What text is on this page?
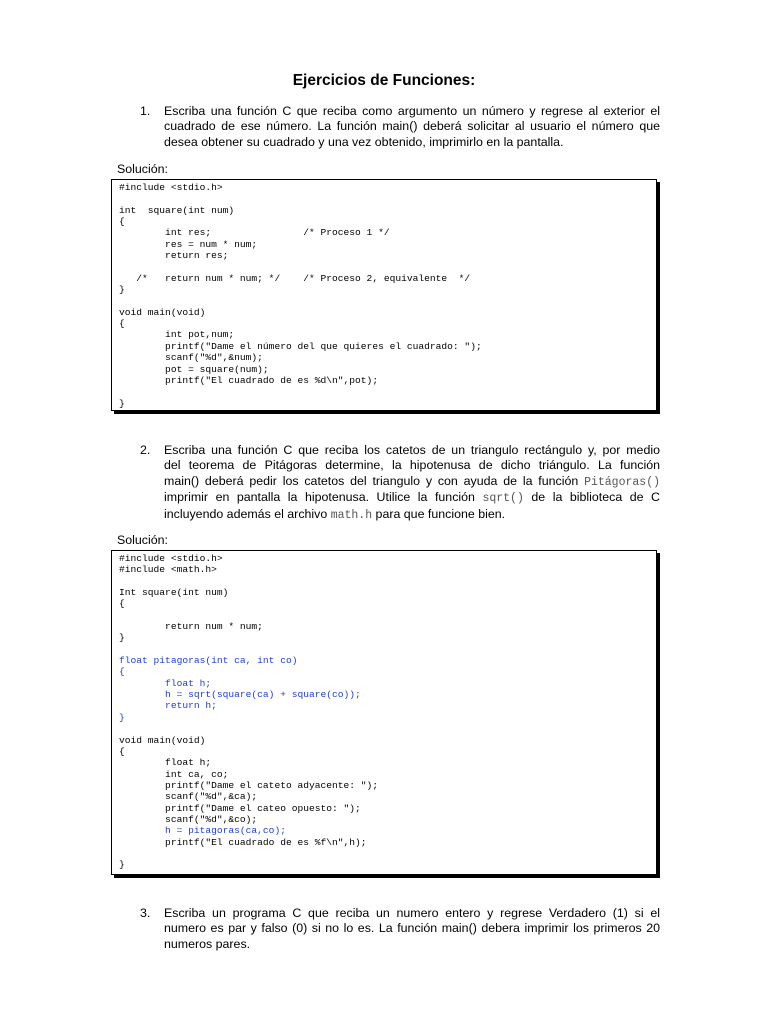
Ejercicios de Funciones:
1. Escriba una función C que reciba como argumento un número y regrese al exterior el
cuadrado de ese número. La función main() deberá solicitar al usuario el número que
desea obtener su cuadrado y una vez obtenido, imprimirlo en la pantalla.
Solución:
#include <stdio.h>
int  square(int num)
{
int res;                /* Proceso 1 */
res = num * num;
return res;
/*   return num * num; */    /* Proceso 2, equivalente  */
}
void main(void)
{
int pot,num;
printf("Dame el número del que quieres el cuadrado: ");
scanf("%d",&num);
pot = square(num);
printf("El cuadrado de es %d\n",pot);
}
2. Escriba una función C que reciba los catetos de un triangulo rectángulo y, por medio
del teorema de Pitágoras determine, la hipotenusa de dicho triángulo. La función
main() deberá pedir los catetos del triangulo y con ayuda de la función Pitágoras()
imprimir en pantalla la hipotenusa. Utilice la función sqrt() de la biblioteca de C
incluyendo además el archivo math.h para que funcione bien.
Solución:
#include <stdio.h>
#include <math.h>
Int square(int num)
{
return num * num;
}
float pitagoras(int ca, int co)
{
float h;
h = sqrt(square(ca) + square(co));
return h;
}
void main(void)
{
float h;
int ca, co;
printf("Dame el cateto adyacente: ");
scanf("%d",&ca);
printf("Dame el cateo opuesto: ");
scanf("%d",&co);
h = pitagoras(ca,co);
printf("El cuadrado de es %f\n",h);
}
3. Escriba un programa C que reciba un numero entero y regrese Verdadero (1) si el
numero es par y falso (0) si no lo es. La función main() debera imprimir los primeros 20
numeros pares.
